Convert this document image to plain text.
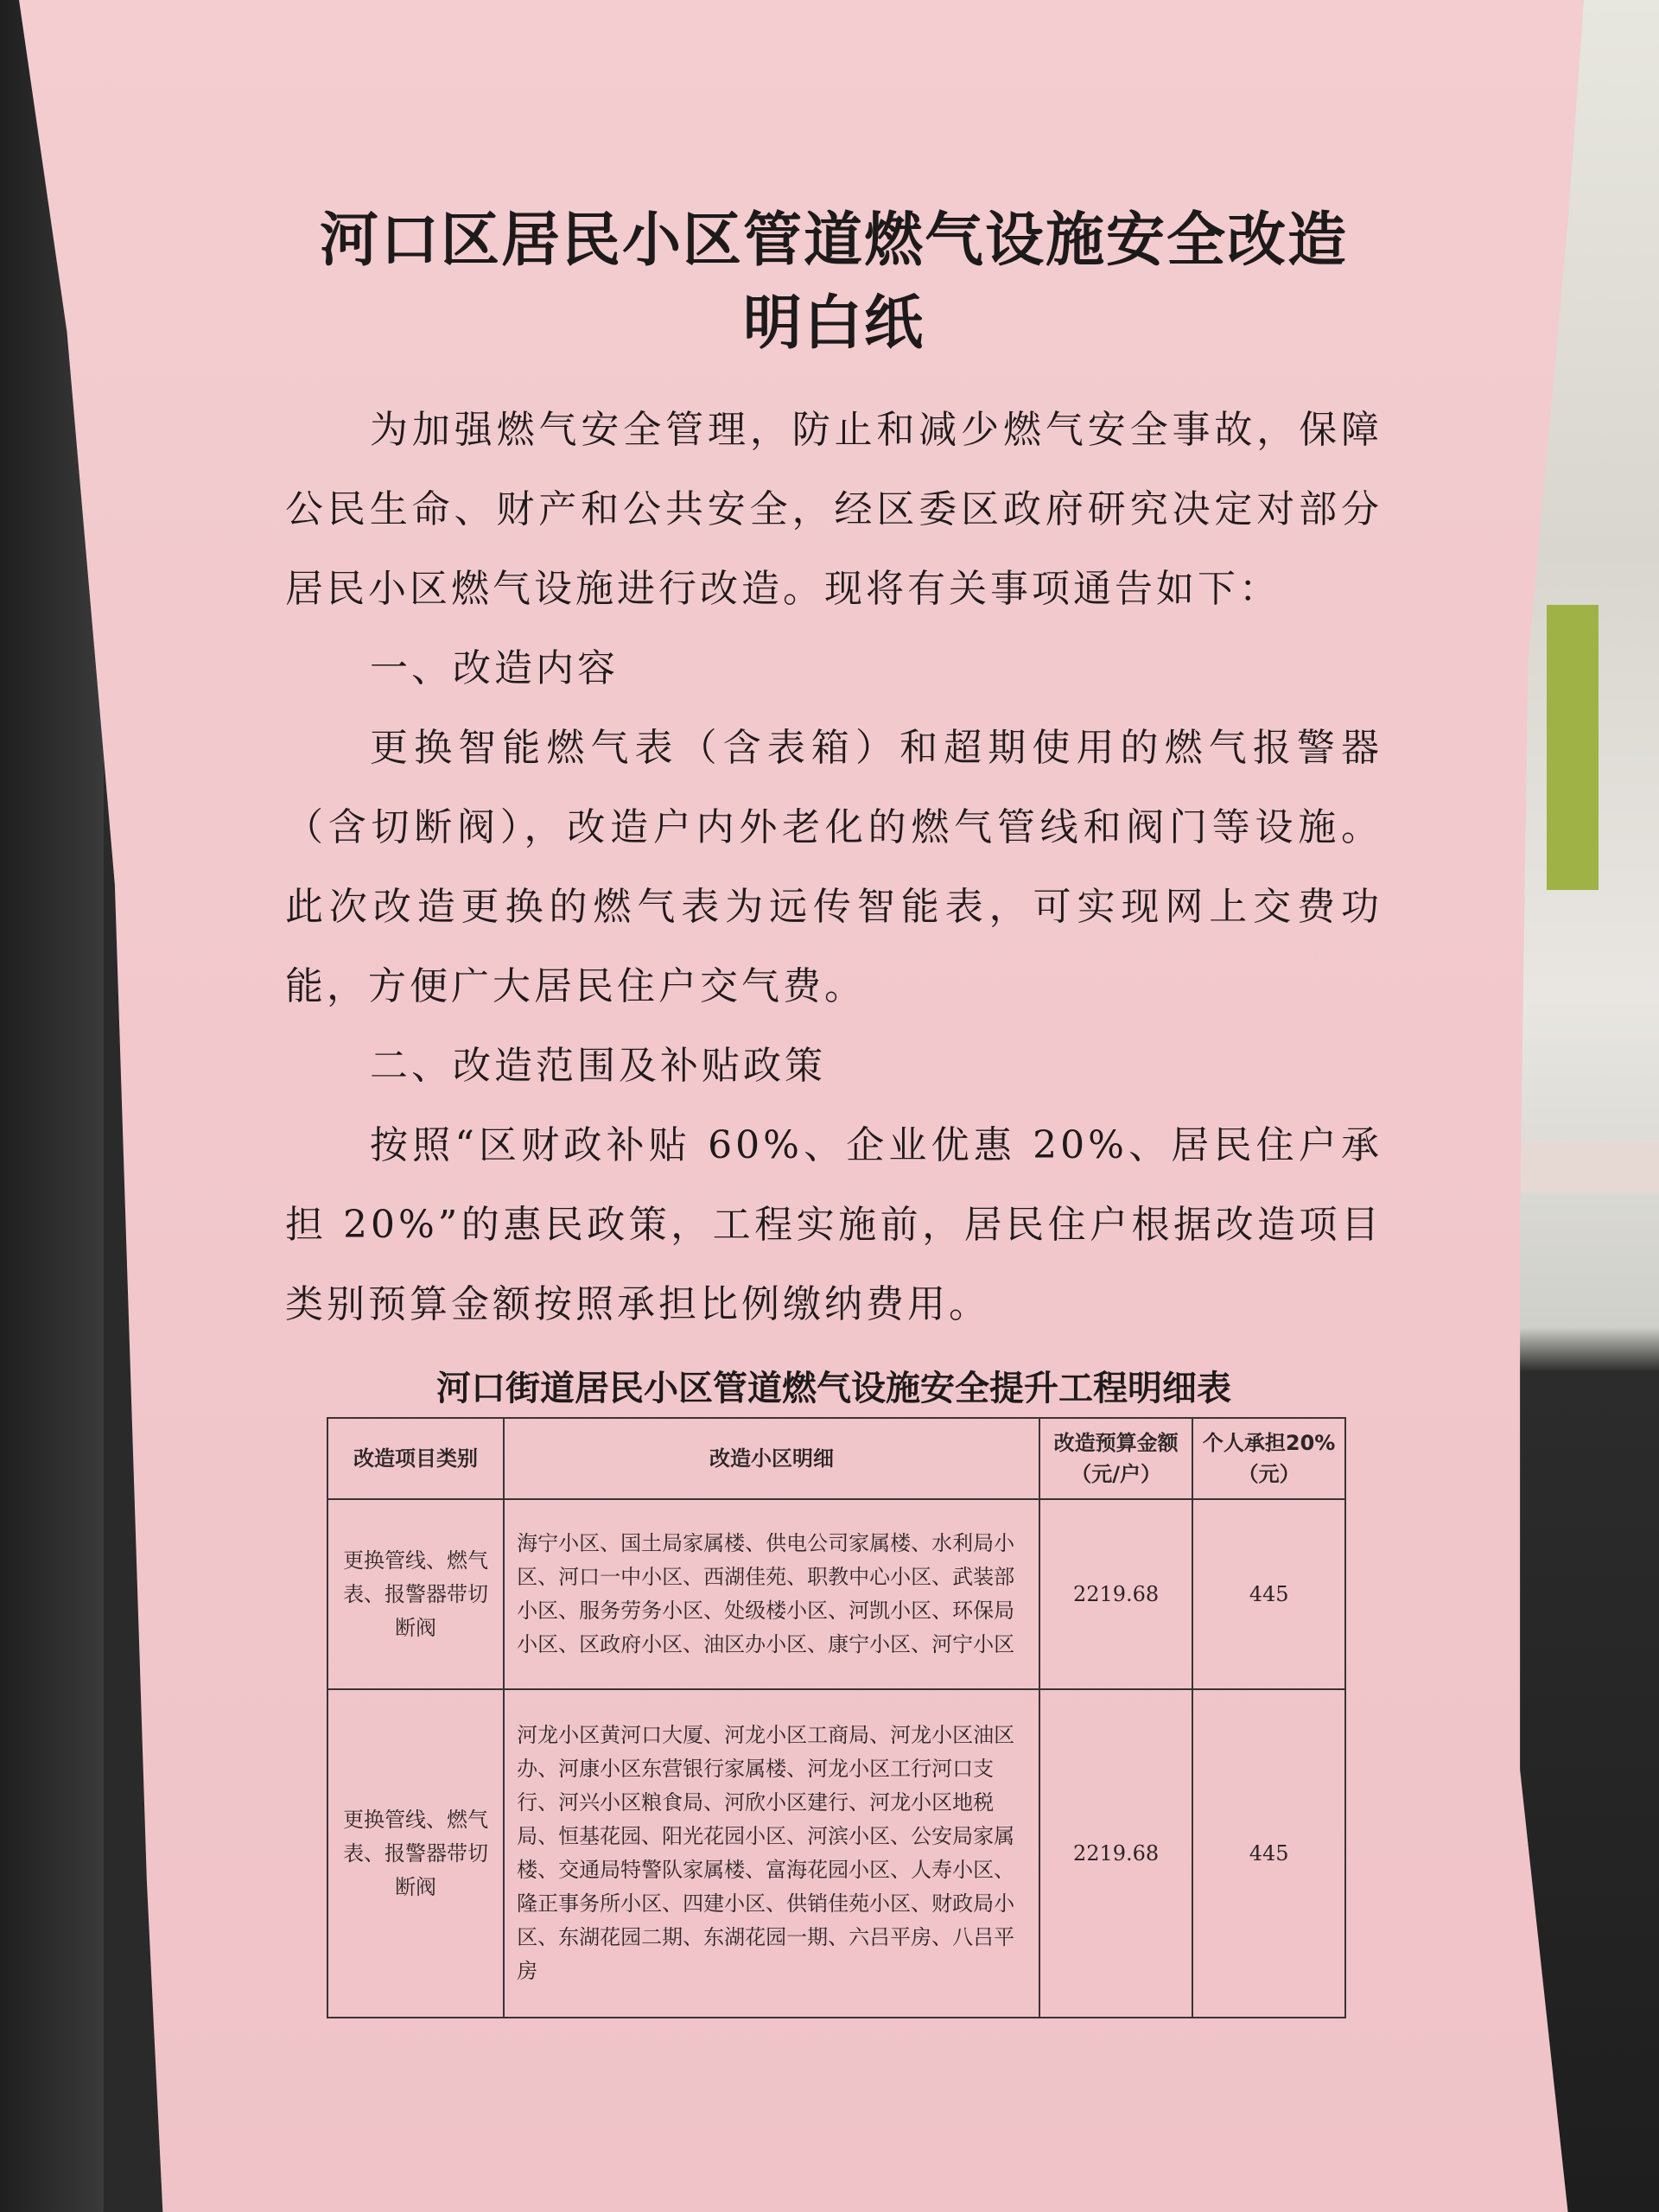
河口区居民小区管道燃气设施安全改造
明白纸

为加强燃气安全管理，防止和减少燃气安全事故，保障公民生命、财产和公共安全，经区委区政府研究决定对部分居民小区燃气设施进行改造。现将有关事项通告如下：

一、改造内容

更换智能燃气表（含表箱）和超期使用的燃气报警器（含切断阀），改造户内外老化的燃气管线和阀门等设施。此次改造更换的燃气表为远传智能表，可实现网上交费功能，方便广大居民住户交气费。

二、改造范围及补贴政策

按照“区财政补贴 60%、企业优惠 20%、居民住户承担 20%”的惠民政策，工程实施前，居民住户根据改造项目类别预算金额按照承担比例缴纳费用。

河口街道居民小区管道燃气设施安全提升工程明细表
改造项目类别	改造小区明细	改造预算金额（元/户）	个人承担20%（元）
更换管线、燃气表、报警器带切断阀	海宁小区、国土局家属楼、供电公司家属楼、水利局小区、河口一中小区、西湖佳苑、职教中心小区、武装部小区、服务劳务小区、处级楼小区、河凯小区、环保局小区、区政府小区、油区办小区、康宁小区、河宁小区	2219.68	445
更换管线、燃气表、报警器带切断阀	河龙小区黄河口大厦、河龙小区工商局、河龙小区油区办、河康小区东营银行家属楼、河龙小区工行河口支行、河兴小区粮食局、河欣小区建行、河龙小区地税局、恒基花园、阳光花园小区、河滨小区、公安局家属楼、交通局特警队家属楼、富海花园小区、人寿小区、隆正事务所小区、四建小区、供销佳苑小区、财政局小区、东湖花园二期、东湖花园一期、六吕平房、八吕平房	2219.68	445
